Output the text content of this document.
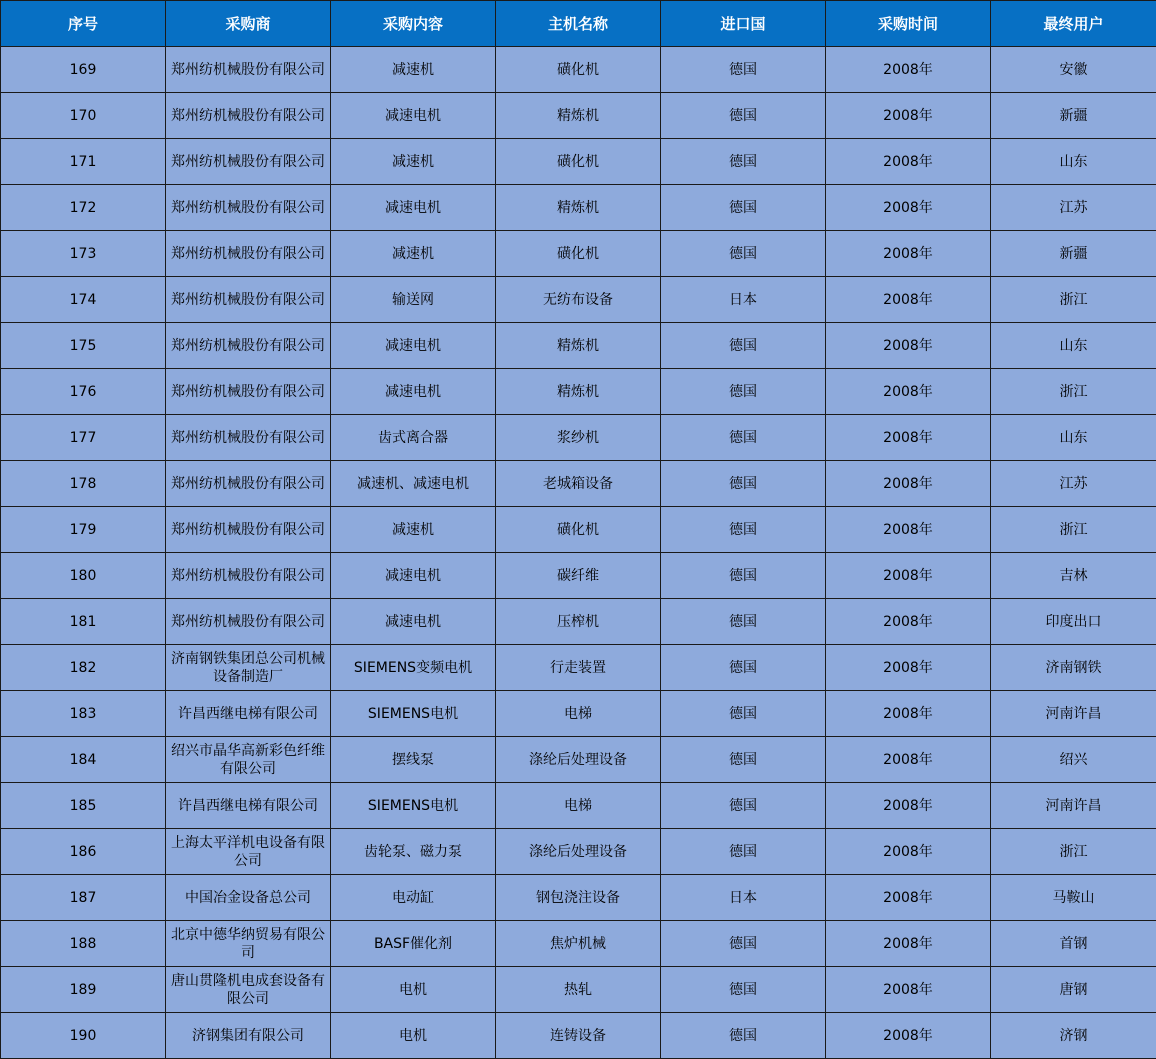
序号	采购商	采购内容	主机名称	进口国	采购时间	最终用户
169	郑州纺机械股份有限公司	减速机	磺化机	德国	2008年	安徽
170	郑州纺机械股份有限公司	减速电机	精炼机	德国	2008年	新疆
171	郑州纺机械股份有限公司	减速机	磺化机	德国	2008年	山东
172	郑州纺机械股份有限公司	减速电机	精炼机	德国	2008年	江苏
173	郑州纺机械股份有限公司	减速机	磺化机	德国	2008年	新疆
174	郑州纺机械股份有限公司	输送网	无纺布设备	日本	2008年	浙江
175	郑州纺机械股份有限公司	减速电机	精炼机	德国	2008年	山东
176	郑州纺机械股份有限公司	减速电机	精炼机	德国	2008年	浙江
177	郑州纺机械股份有限公司	齿式离合器	浆纱机	德国	2008年	山东
178	郑州纺机械股份有限公司	减速机、减速电机	老城箱设备	德国	2008年	江苏
179	郑州纺机械股份有限公司	减速机	磺化机	德国	2008年	浙江
180	郑州纺机械股份有限公司	减速电机	碳纤维	德国	2008年	吉林
181	郑州纺机械股份有限公司	减速电机	压榨机	德国	2008年	印度出口
182	济南钢铁集团总公司机械设备制造厂	SIEMENS变频电机	行走装置	德国	2008年	济南钢铁
183	许昌西继电梯有限公司	SIEMENS电机	电梯	德国	2008年	河南许昌
184	绍兴市晶华高新彩色纤维有限公司	摆线泵	涤纶后处理设备	德国	2008年	绍兴
185	许昌西继电梯有限公司	SIEMENS电机	电梯	德国	2008年	河南许昌
186	上海太平洋机电设备有限公司	齿轮泵、磁力泵	涤纶后处理设备	德国	2008年	浙江
187	中国冶金设备总公司	电动缸	钢包浇注设备	日本	2008年	马鞍山
188	北京中德华纳贸易有限公司	BASF催化剂	焦炉机械	德国	2008年	首钢
189	唐山贯隆机电成套设备有限公司	电机	热轧	德国	2008年	唐钢
190	济钢集团有限公司	电机	连铸设备	德国	2008年	济钢
